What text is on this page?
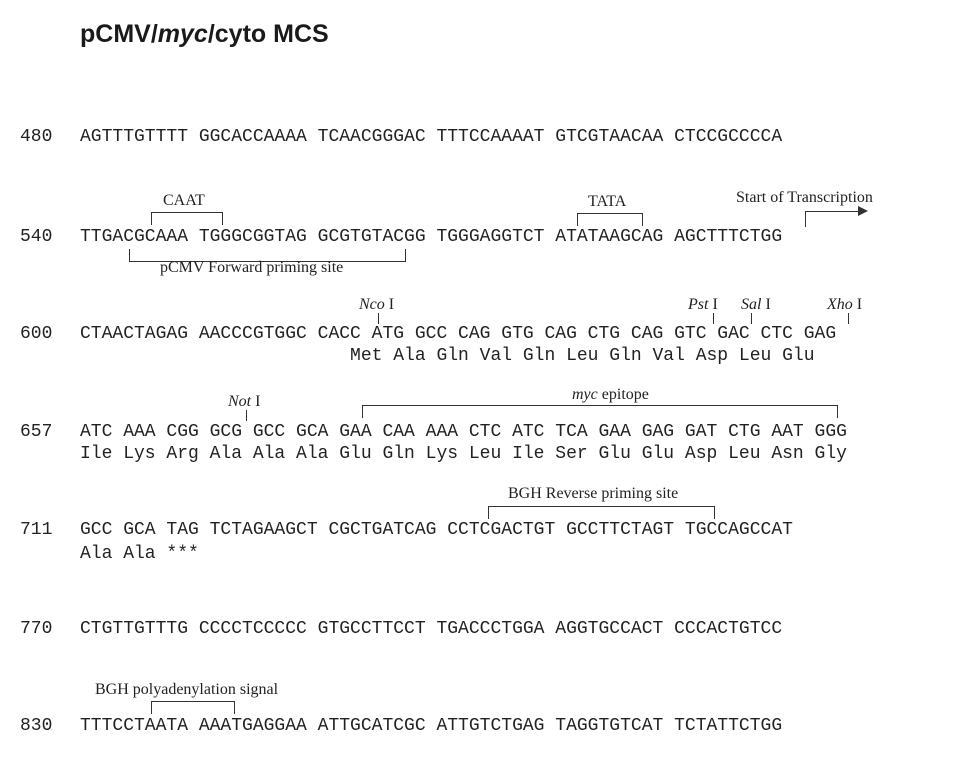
pCMV/myc/cyto MCS
480 AGTTTGTTTT GGCACCAAAA TCAACGGGAC TTTCCAAAAT GTCGTAACAA CTCCGCCCCA
CAAT	TATA	Start of Transcription
540 TTGACGCAAA TGGGCGGTAG GCGTGTACGG TGGGAGGTCT ATATAAGCAG AGCTTTCTGG
pCMV Forward priming site
Nco I	Pst I Sal I	Xho I
600 CTAACTAGAG AACCCGTGGC CACC ATG GCC CAG GTG CAG CTG CAG GTC GAC CTC GAG
Met Ala Gln Val Gln Leu Gln Val Asp Leu Glu
Not I	myc epitope
657 ATC AAA CGG GCG GCC GCA GAA CAA AAA CTC ATC TCA GAA GAG GAT CTG AAT GGG
Ile Lys Arg Ala Ala Ala Glu Gln Lys Leu Ile Ser Glu Glu Asp Leu Asn Gly
BGH Reverse priming site
711 GCC GCA TAG TCTAGAAGCT CGCTGATCAG CCTCGACTGT GCCTTCTAGT TGCCAGCCAT
Ala Ala ***
770 CTGTTGTTTG CCCCTCCCCC GTGCCTTCCT TGACCCTGGA AGGTGCCACT CCCACTGTCC
BGH polyadenylation signal
830 TTTCCTAATA AAATGAGGAA ATTGCATCGC ATTGTCTGAG TAGGTGTCAT TCTATTCTGG
